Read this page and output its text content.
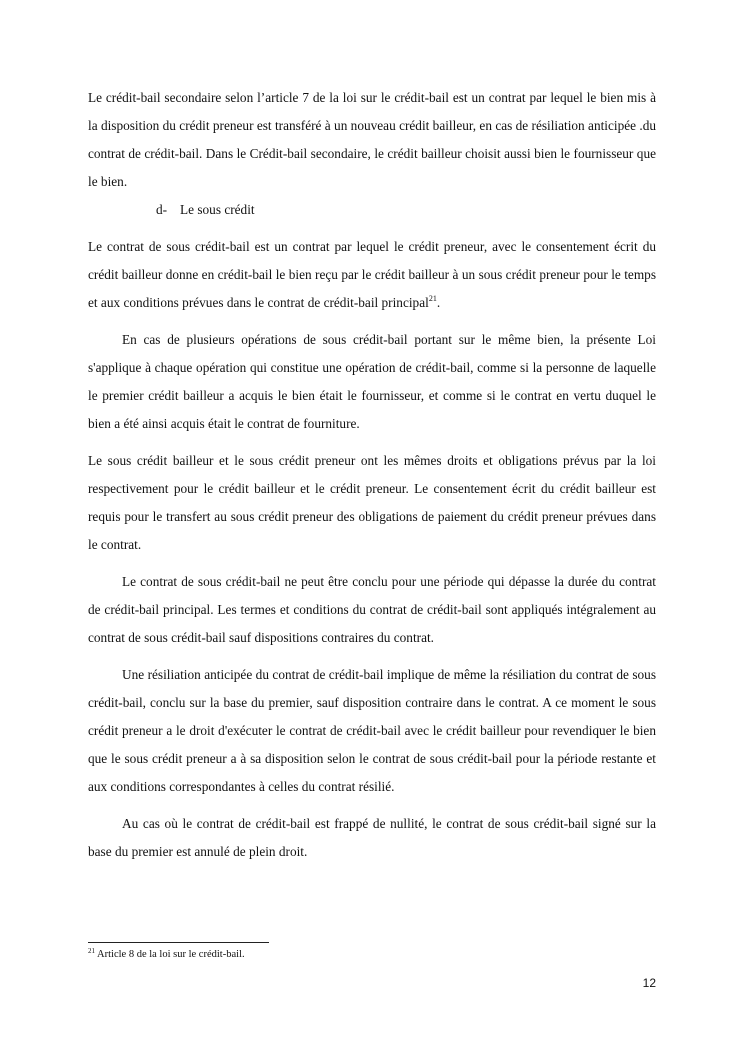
Le crédit-bail secondaire selon l’article 7 de la loi sur le crédit-bail est un contrat par lequel le bien mis à la disposition du crédit preneur est transféré à un nouveau crédit bailleur, en cas de résiliation anticipée .du contrat de crédit-bail. Dans le Crédit-bail secondaire, le crédit bailleur choisit aussi bien le fournisseur que le bien.

d- Le sous crédit

Le contrat de sous crédit-bail est un contrat par lequel le crédit preneur, avec le consentement écrit du crédit bailleur donne en crédit-bail le bien reçu par le crédit bailleur à un sous crédit preneur pour le temps et aux conditions prévues dans le contrat de crédit-bail principal$^{21}$.

En cas de plusieurs opérations de sous crédit-bail portant sur le même bien, la présente Loi s'applique à chaque opération qui constitue une opération de crédit-bail, comme si la personne de laquelle le premier crédit bailleur a acquis le bien était le fournisseur, et comme si le contrat en vertu duquel le bien a été ainsi acquis était le contrat de fourniture.

Le sous crédit bailleur et le sous crédit preneur ont les mêmes droits et obligations prévus par la loi respectivement pour le crédit bailleur et le crédit preneur. Le consentement écrit du crédit bailleur est requis pour le transfert au sous crédit preneur des obligations de paiement du crédit preneur prévues dans le contrat.

Le contrat de sous crédit-bail ne peut être conclu pour une période qui dépasse la durée du contrat de crédit-bail principal. Les termes et conditions du contrat de crédit-bail sont appliqués intégralement au contrat de sous crédit-bail sauf dispositions contraires du contrat.

Une résiliation anticipée du contrat de crédit-bail implique de même la résiliation du contrat de sous crédit-bail, conclu sur la base du premier, sauf disposition contraire dans le contrat. A ce moment le sous crédit preneur a le droit d'exécuter le contrat de crédit-bail avec le crédit bailleur pour revendiquer le bien que le sous crédit preneur a à sa disposition selon le contrat de sous crédit-bail pour la période restante et aux conditions correspondantes à celles du contrat résilié.

Au cas où le contrat de crédit-bail est frappé de nullité, le contrat de sous crédit-bail signé sur la base du premier est annulé de plein droit.

$^{21}$ Article 8 de la loi sur le crédit-bail.
12
